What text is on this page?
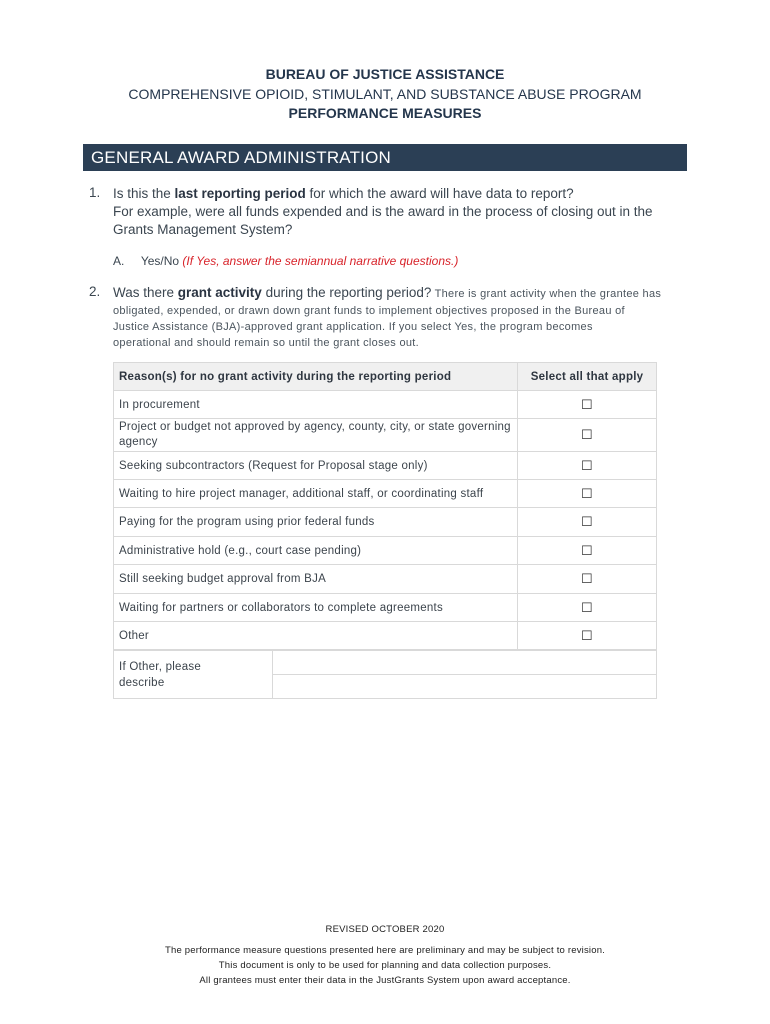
BUREAU OF JUSTICE ASSISTANCE
COMPREHENSIVE OPIOID, STIMULANT, AND SUBSTANCE ABUSE PROGRAM
PERFORMANCE MEASURES
GENERAL AWARD ADMINISTRATION
1. Is this the last reporting period for which the award will have data to report?
For example, were all funds expended and is the award in the process of closing out in the
Grants Management System?
A. Yes/No (If Yes, answer the semiannual narrative questions.)
2. Was there grant activity during the reporting period? There is grant activity when the grantee has
obligated, expended, or drawn down grant funds to implement objectives proposed in the Bureau of
Justice Assistance (BJA)-approved grant application. If you select Yes, the program becomes
operational and should remain so until the grant closes out.
Reason(s) for no grant activity during the reporting period	Select all that apply
In procurement	☐
Project or budget not approved by agency, county, city, or state governing agency	☐
Seeking subcontractors (Request for Proposal stage only)	☐
Waiting to hire project manager, additional staff, or coordinating staff	☐
Paying for the program using prior federal funds	☐
Administrative hold (e.g., court case pending)	☐
Still seeking budget approval from BJA	☐
Waiting for partners or collaborators to complete agreements	☐
Other	☐
If Other, please
describe

REVISED OCTOBER 2020
The performance measure questions presented here are preliminary and may be subject to revision.
This document is only to be used for planning and data collection purposes.
All grantees must enter their data in the JustGrants System upon award acceptance.
